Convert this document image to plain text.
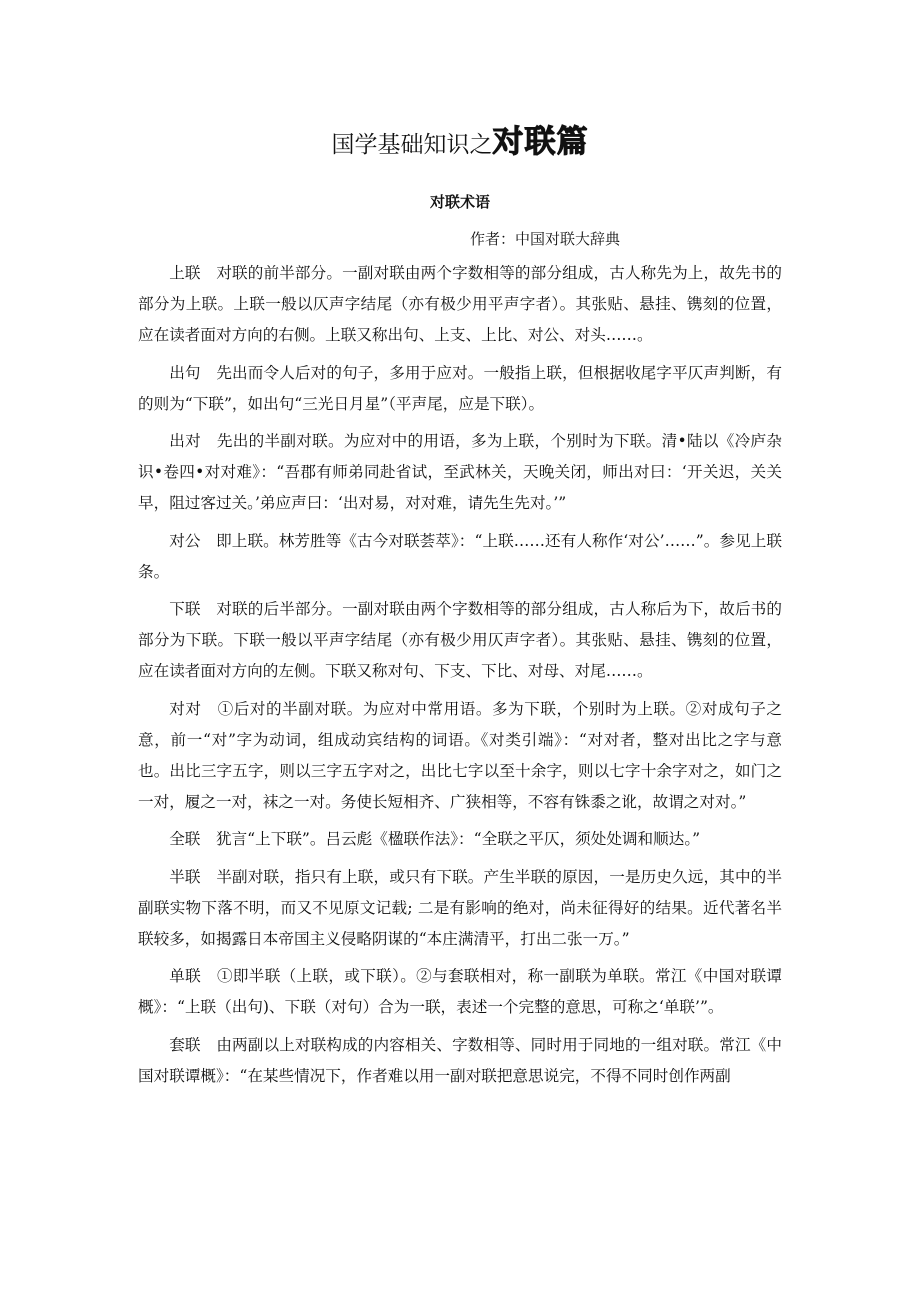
国学基础知识之对联篇
对联术语
作者：中国对联大辞典

上联 对联的前半部分。一副对联由两个字数相等的部分组成，古人称先为上，故先书的部分为上联。上联一般以仄声字结尾（亦有极少用平声字者）。其张贴、悬挂、镌刻的位置，应在读者面对方向的右侧。上联又称出句、上支、上比、对公、对头……。

出句 先出而令人后对的句子，多用于应对。一般指上联，但根据收尾字平仄声判断，有的则为“下联”，如出句“三光日月星”（平声尾，应是下联）。

出对 先出的半副对联。为应对中的用语，多为上联，个别时为下联。清•陆以《冷庐杂识•卷四•对对难》：“吾郡有师弟同赴省试，至武林关，天晚关闭，师出对曰：‘开关迟，关关早，阻过客过关。’弟应声曰：‘出对易，对对难，请先生先对。’”

对公 即上联。林芳胜等《古今对联荟萃》：“上联……还有人称作‘对公’……”。参见上联条。

下联 对联的后半部分。一副对联由两个字数相等的部分组成，古人称后为下，故后书的部分为下联。下联一般以平声字结尾（亦有极少用仄声字者）。其张贴、悬挂、镌刻的位置，应在读者面对方向的左侧。下联又称对句、下支、下比、对母、对尾……。

对对 ①后对的半副对联。为应对中常用语。多为下联，个别时为上联。②对成句子之意，前一“对”字为动词，组成动宾结构的词语。《对类引端》：“对对者，整对出比之字与意也。出比三字五字，则以三字五字对之，出比七字以至十余字，则以七字十余字对之，如门之一对，履之一对，袜之一对。务使长短相齐、广狭相等，不容有铢黍之讹，故谓之对对。”

全联 犹言“上下联”。吕云彪《楹联作法》：“全联之平仄，须处处调和顺达。”

半联 半副对联，指只有上联，或只有下联。产生半联的原因，一是历史久远，其中的半副联实物下落不明，而又不见原文记载; 二是有影响的绝对，尚未征得好的结果。近代著名半联较多，如揭露日本帝国主义侵略阴谋的“本庄满清平，打出二张一万。”

单联 ①即半联（上联，或下联）。②与套联相对，称一副联为单联。常江《中国对联谭概》：“上联（出句)、下联（对句）合为一联，表述一个完整的意思，可称之‘单联’”。

套联 由两副以上对联构成的内容相关、字数相等、同时用于同地的一组对联。常江《中国对联谭概》：“在某些情况下，作者难以用一副对联把意思说完，不得不同时创作两副
